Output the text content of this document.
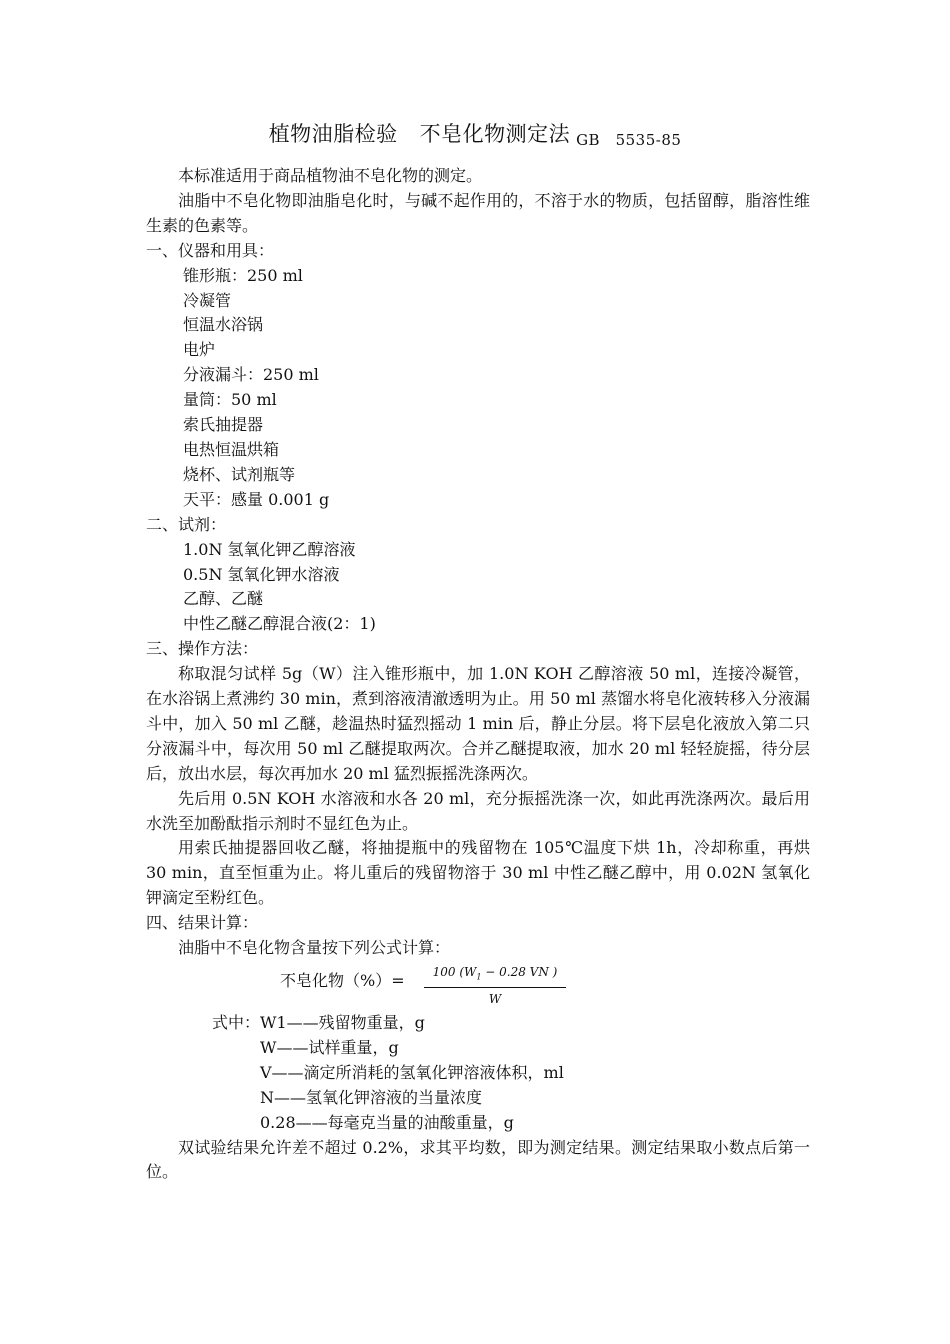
植物油脂检验 不皂化物测定法 GB　5535-85

本标准适用于商品植物油不皂化物的测定。

油脂中不皂化物即油脂皂化时，与碱不起作用的，不溶于水的物质，包括留醇，脂溶性维生素的色素等。

一、仪器和用具：

锥形瓶：250 ml

冷凝管

恒温水浴锅

电炉

分液漏斗：250 ml

量筒：50 ml

索氏抽提器

电热恒温烘箱

烧杯、试剂瓶等

天平：感量 0.001 g

二、试剂：

1.0N 氢氧化钾乙醇溶液

0.5N 氢氧化钾水溶液

乙醇、乙醚

中性乙醚乙醇混合液(2：1)

三、操作方法：

称取混匀试样 5g（W）注入锥形瓶中，加 1.0N KOH 乙醇溶液 50 ml，连接冷凝管，在水浴锅上煮沸约 30 min，煮到溶液清澈透明为止。用 50 ml 蒸馏水将皂化液转移入分液漏斗中，加入 50 ml 乙醚，趁温热时猛烈摇动 1 min 后，静止分层。将下层皂化液放入第二只分液漏斗中，每次用 50 ml 乙醚提取两次。合并乙醚提取液，加水 20 ml 轻轻旋摇，待分层后，放出水层，每次再加水 20 ml 猛烈振摇洗涤两次。

先后用 0.5N KOH 水溶液和水各 20 ml，充分振摇洗涤一次，如此再洗涤两次。最后用水洗至加酚酞指示剂时不显红色为止。

用索氏抽提器回收乙醚，将抽提瓶中的残留物在 105℃温度下烘 1h，冷却称重，再烘 30 min，直至恒重为止。将儿重后的残留物溶于 30 ml 中性乙醚乙醇中，用 0.02N 氢氧化钾滴定至粉红色。

四、结果计算：

油脂中不皂化物含量按下列公式计算：

不皂化物（%）= $\frac{100 (W_1 - 0.28 VN )}{W}$

式中：W1——残留物重量，g

W——试样重量，g

V——滴定所消耗的氢氧化钾溶液体积，ml

N——氢氧化钾溶液的当量浓度

0.28——每毫克当量的油酸重量，g

双试验结果允许差不超过 0.2%，求其平均数，即为测定结果。测定结果取小数点后第一位。
